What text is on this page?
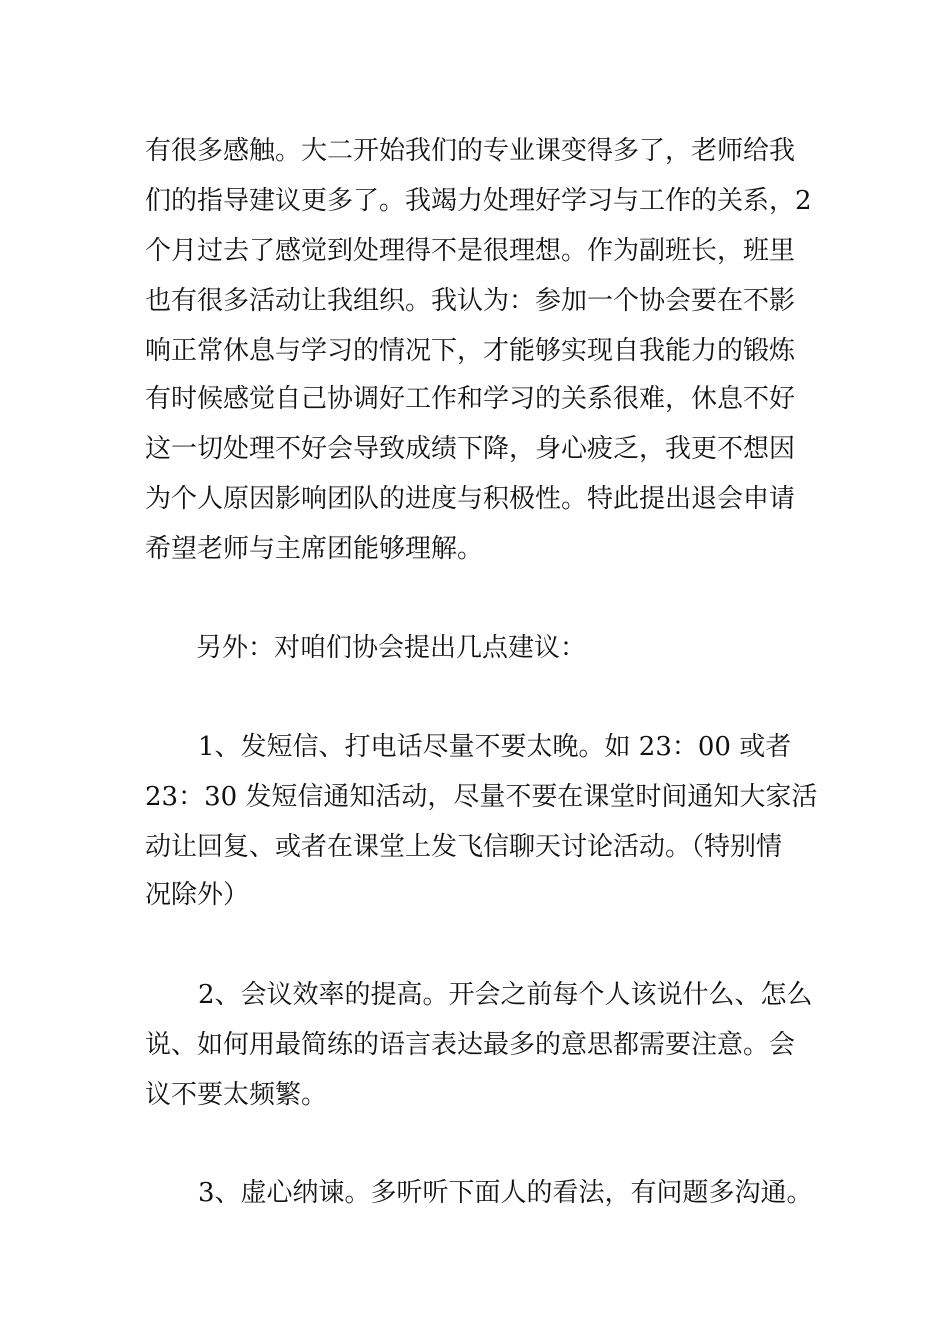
有很多感触。大二开始我们的专业课变得多了，老师给我

们的指导建议更多了。我竭力处理好学习与工作的关系，2

个月过去了感觉到处理得不是很理想。作为副班长，班里

也有很多活动让我组织。我认为：参加一个协会要在不影

响正常休息与学习的情况下，才能够实现自我能力的锻炼

有时候感觉自己协调好工作和学习的关系很难，休息不好

这一切处理不好会导致成绩下降，身心疲乏，我更不想因

为个人原因影响团队的进度与积极性。特此提出退会申请

希望老师与主席团能够理解。

另外：对咱们协会提出几点建议：

1、发短信、打电话尽量不要太晚。如 23：00 或者

23：30 发短信通知活动，尽量不要在课堂时间通知大家活

动让回复、或者在课堂上发飞信聊天讨论活动。（特别情

况除外）

2、会议效率的提高。开会之前每个人该说什么、怎么

说、如何用最简练的语言表达最多的意思都需要注意。会

议不要太频繁。

3、虚心纳谏。多听听下面人的看法，有问题多沟通。
